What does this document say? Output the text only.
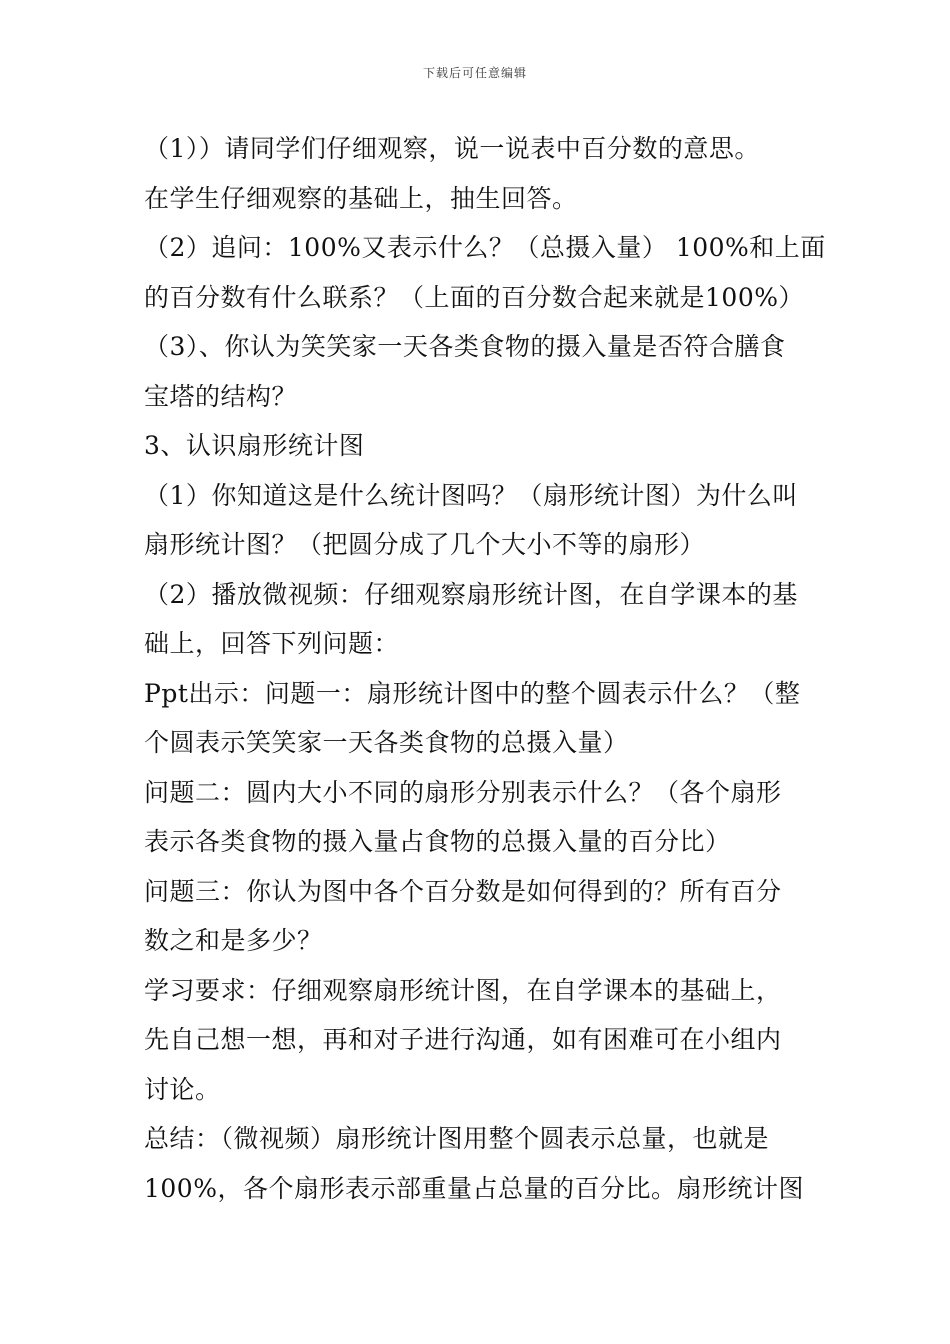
下载后可任意编辑
（1））请同学们仔细观察，说一说表中百分数的意思。
在学生仔细观察的基础上，抽生回答。
（2）追问：100%又表示什么？（总摄入量） 100%和上面
的百分数有什么联系？（上面的百分数合起来就是100%）
（3）、你认为笑笑家一天各类食物的摄入量是否符合膳食
宝塔的结构？
3、认识扇形统计图
（1）你知道这是什么统计图吗？（扇形统计图）为什么叫
扇形统计图？（把圆分成了几个大小不等的扇形）
（2）播放微视频：仔细观察扇形统计图，在自学课本的基
础上，回答下列问题：
Ppt出示：问题一：扇形统计图中的整个圆表示什么？（整
个圆表示笑笑家一天各类食物的总摄入量）
问题二：圆内大小不同的扇形分别表示什么？（各个扇形
表示各类食物的摄入量占食物的总摄入量的百分比）
问题三：你认为图中各个百分数是如何得到的？所有百分
数之和是多少？
学习要求：仔细观察扇形统计图，在自学课本的基础上，
先自己想一想，再和对子进行沟通，如有困难可在小组内
讨论。
总结：（微视频）扇形统计图用整个圆表示总量，也就是
100%，各个扇形表示部重量占总量的百分比。扇形统计图
